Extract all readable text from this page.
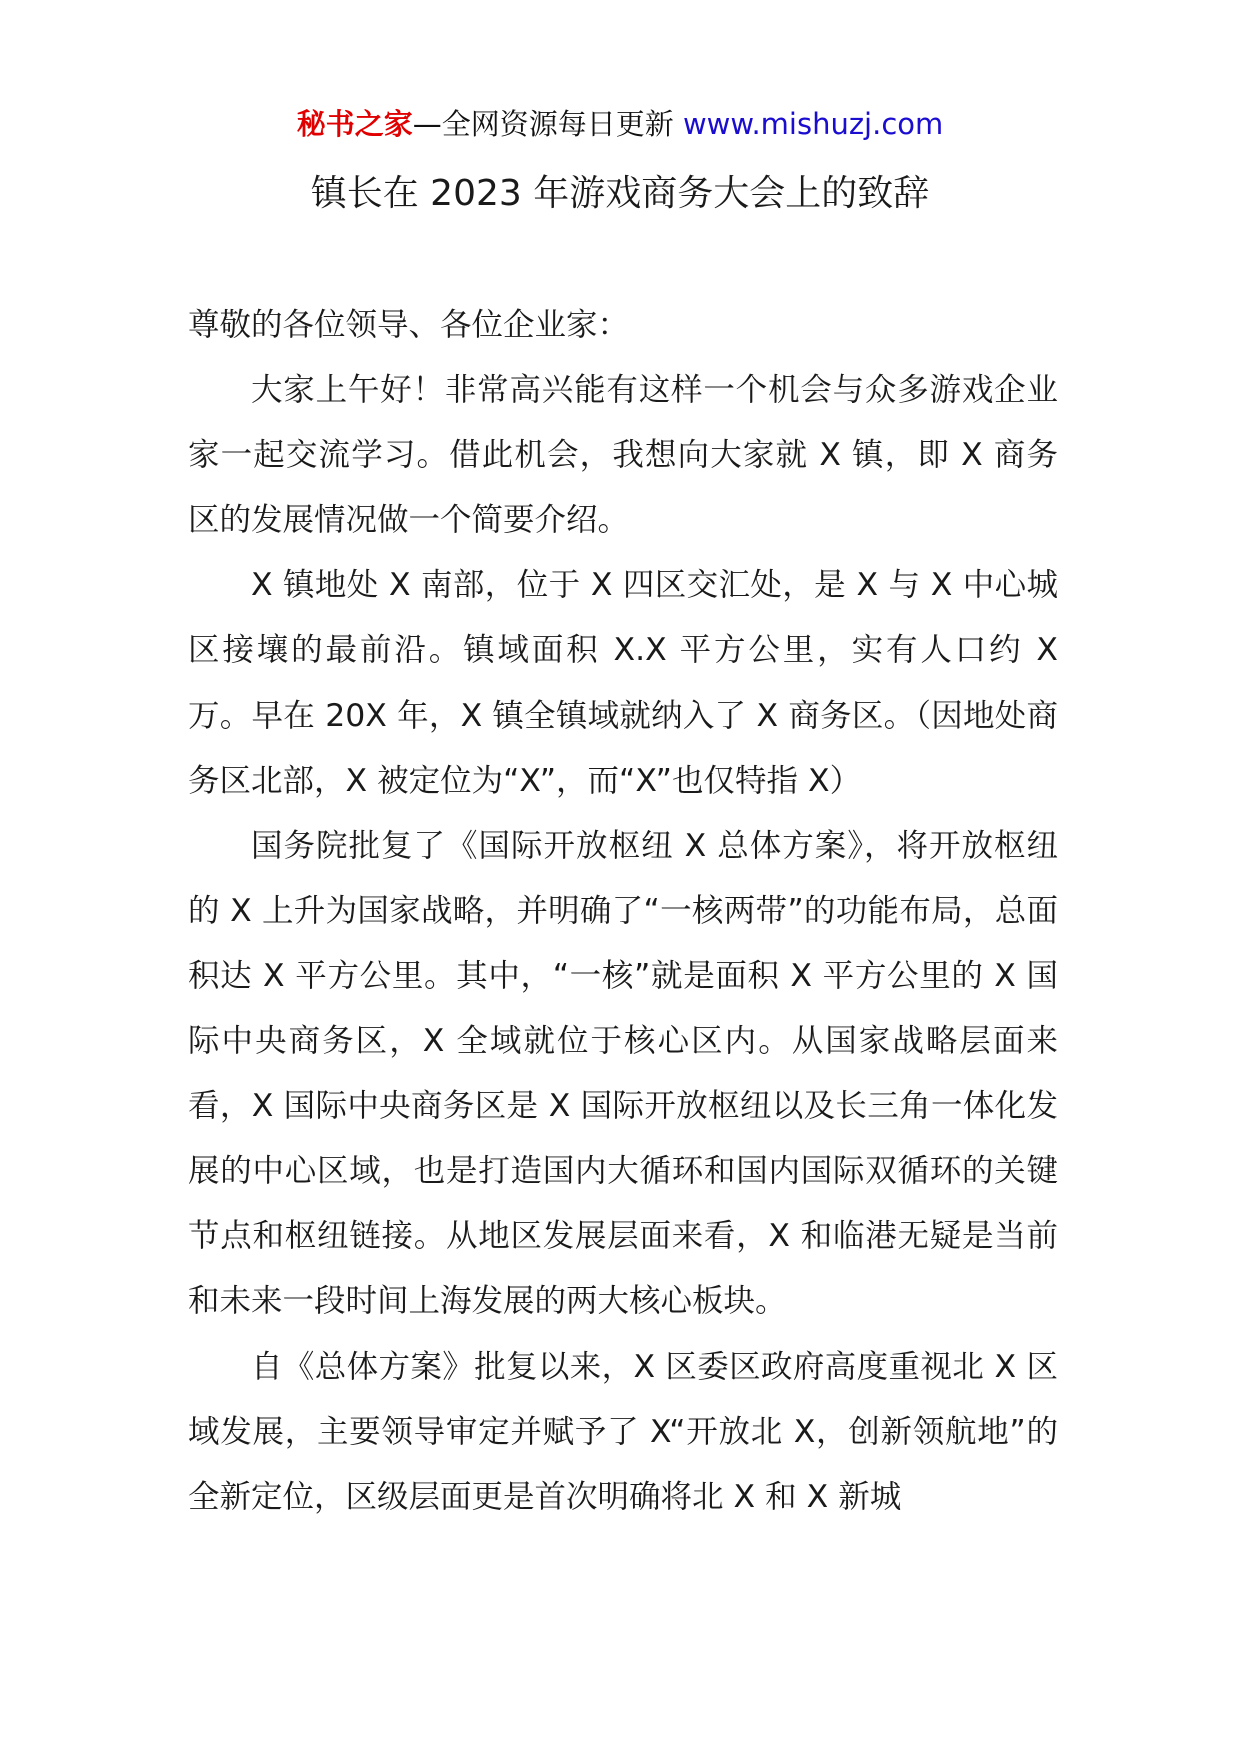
秘书之家—全网资源每日更新 www.mishuzj.com
镇长在 2023 年游戏商务大会上的致辞

尊敬的各位领导、各位企业家：

大家上午好！非常高兴能有这样一个机会与众多游戏企业家一起交流学习。借此机会，我想向大家就 X 镇，即 X 商务区的发展情况做一个简要介绍。

X 镇地处 X 南部，位于 X 四区交汇处，是 X 与 X 中心城区接壤的最前沿。镇域面积 X.X 平方公里，实有人口约 X 万。早在 20X 年，X 镇全镇域就纳入了 X 商务区。（因地处商务区北部，X 被定位为“X”，而“X”也仅特指 X）

国务院批复了《国际开放枢纽 X 总体方案》，将开放枢纽的 X 上升为国家战略，并明确了“一核两带”的功能布局，总面积达 X 平方公里。其中，“一核”就是面积 X 平方公里的 X 国际中央商务区，X 全域就位于核心区内。从国家战略层面来看，X 国际中央商务区是 X 国际开放枢纽以及长三角一体化发展的中心区域，也是打造国内大循环和国内国际双循环的关键节点和枢纽链接。从地区发展层面来看，X 和临港无疑是当前和未来一段时间上海发展的两大核心板块。

自《总体方案》批复以来，X 区委区政府高度重视北 X 区域发展，主要领导审定并赋予了 X“开放北 X，创新领航地”的全新定位，区级层面更是首次明确将北 X 和 X 新城
